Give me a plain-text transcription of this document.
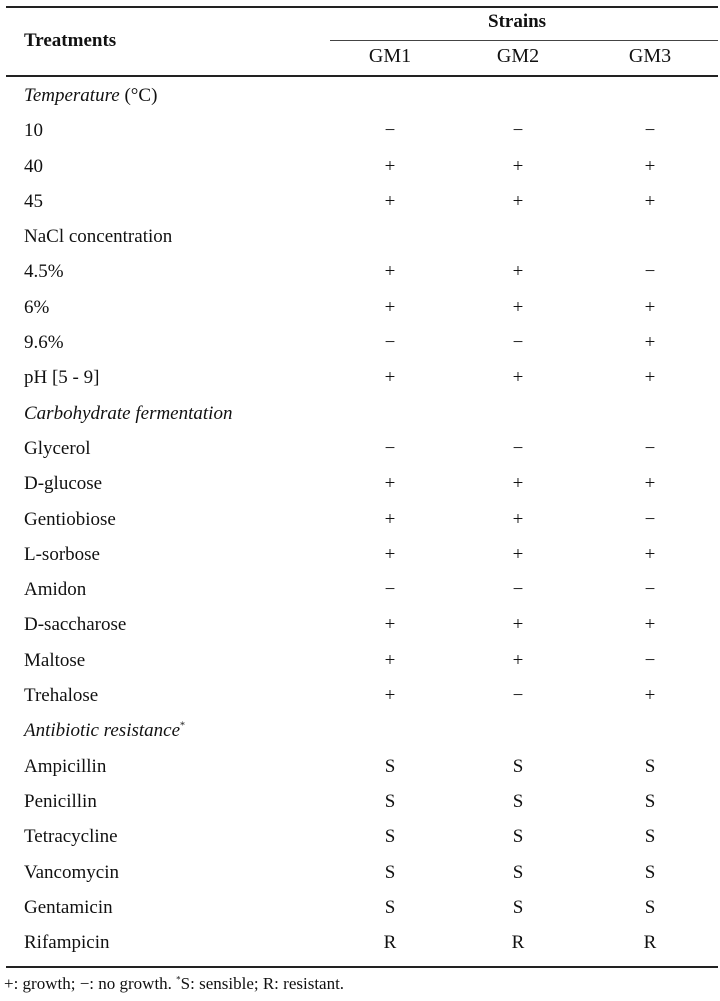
Treatments
Strains
GM1	GM2	GM3
Temperature (°C)
10	−	−	−
40	+	+	+
45	+	+	+
NaCl concentration
4.5%	+	+	−
6%	+	+	+
9.6%	−	−	+
pH [5 - 9]	+	+	+
Carbohydrate fermentation
Glycerol	−	−	−
D-glucose	+	+	+
Gentiobiose	+	+	−
L-sorbose	+	+	+
Amidon	−	−	−
D-saccharose	+	+	+
Maltose	+	+	−
Trehalose	+	−	+
Antibiotic resistance*
Ampicillin	S	S	S
Penicillin	S	S	S
Tetracycline	S	S	S
Vancomycin	S	S	S
Gentamicin	S	S	S
Rifampicin	R	R	R
+: growth; −: no growth. *S: sensible; R: resistant.
